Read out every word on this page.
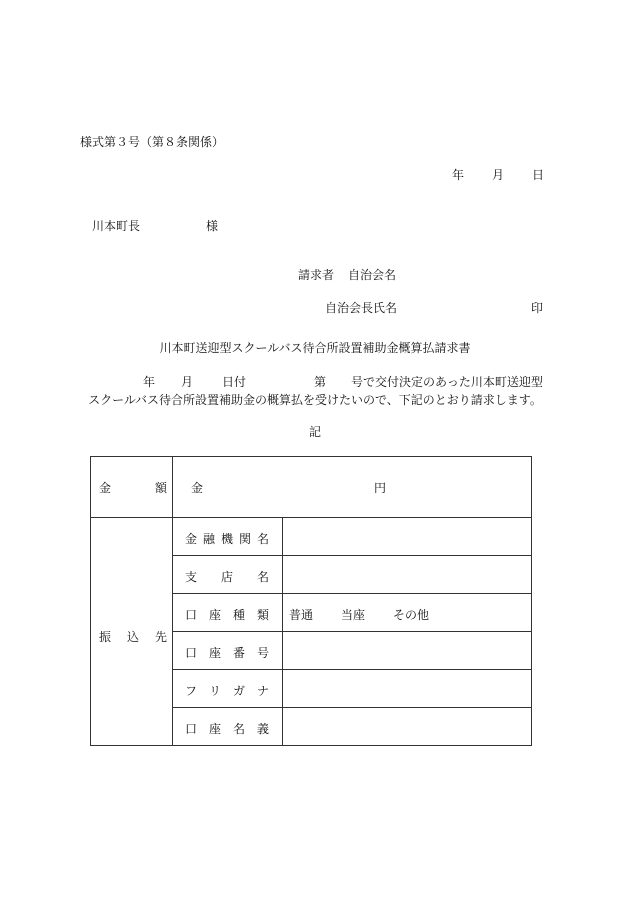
様式第３号（第８条関係）
年 月 日
川本町長	様
請求者 自治会名
自治会長氏名	印
川本町送迎型スクールバス待合所設置補助金概算払請求書
年 月 日付	第 号で交付決定のあった川本町送迎型
スクールバス待合所設置補助金の概算払を受けたいので、下記のとおり請求します。
記
金 額	金 円	

振 込 先	金 融 機 関 名	

	支 店 名	

	口 座 種 類	普通 当座 その他

	口 座 番 号	

	フ リ ガ ナ	

	口 座 名 義	
